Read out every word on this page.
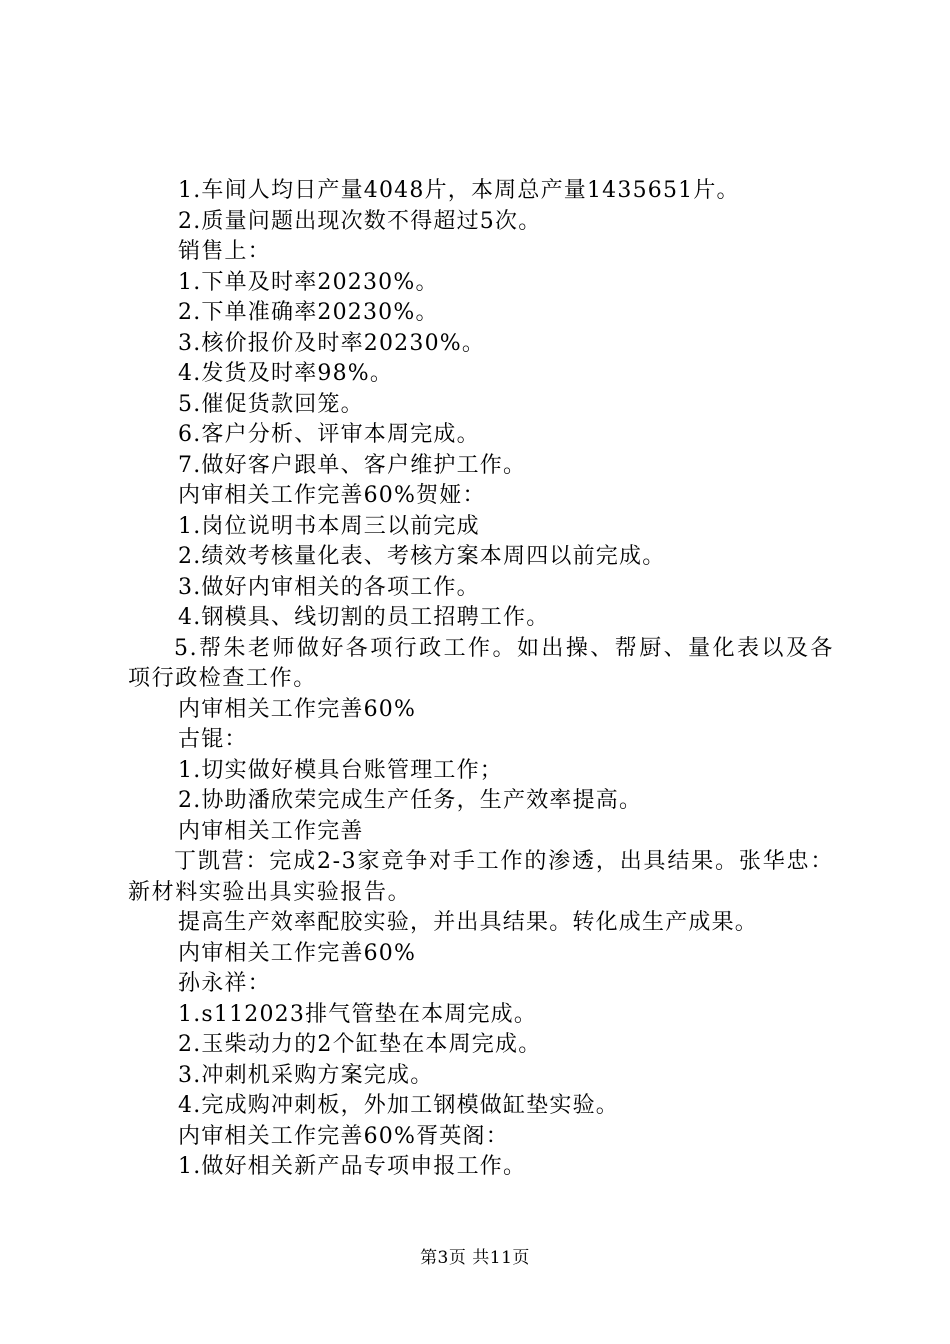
1.车间人均日产量4048片，本周总产量1435651片。
2.质量问题出现次数不得超过5次。
销售上：
1.下单及时率20230%。
2.下单准确率20230%。
3.核价报价及时率20230%。
4.发货及时率98%。
5.催促货款回笼。
6.客户分析、评审本周完成。
7.做好客户跟单、客户维护工作。
内审相关工作完善60%贺娅：
1.岗位说明书本周三以前完成
2.绩效考核量化表、考核方案本周四以前完成。
3.做好内审相关的各项工作。
4.钢模具、线切割的员工招聘工作。
5.帮朱老师做好各项行政工作。如出操、帮厨、量化表以及各项行政检查工作。
内审相关工作完善60%
古锟：
1.切实做好模具台账管理工作；
2.协助潘欣荣完成生产任务，生产效率提高。
内审相关工作完善
丁凯营：完成2-3家竞争对手工作的渗透，出具结果。张华忠：新材料实验出具实验报告。
提高生产效率配胶实验，并出具结果。转化成生产成果。
内审相关工作完善60%
孙永祥：
1.s112023排气管垫在本周完成。
2.玉柴动力的2个缸垫在本周完成。
3.冲刺机采购方案完成。
4.完成购冲刺板，外加工钢模做缸垫实验。
内审相关工作完善60%胥英阁：
1.做好相关新产品专项申报工作。
第3页 共11页
